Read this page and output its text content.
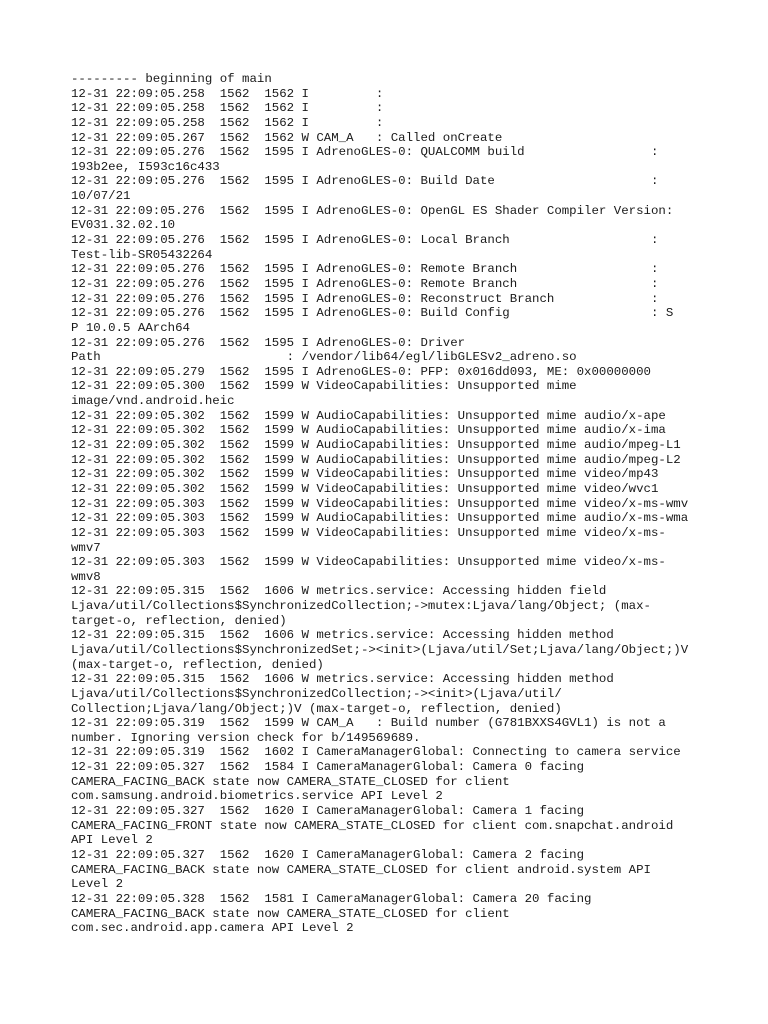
--------- beginning of main
12-31 22:09:05.258  1562  1562 I         :
12-31 22:09:05.258  1562  1562 I         :
12-31 22:09:05.258  1562  1562 I         :
12-31 22:09:05.267  1562  1562 W CAM_A   : Called onCreate
12-31 22:09:05.276  1562  1595 I AdrenoGLES-0: QUALCOMM build                 :
193b2ee, I593c16c433
12-31 22:09:05.276  1562  1595 I AdrenoGLES-0: Build Date                     :
10/07/21
12-31 22:09:05.276  1562  1595 I AdrenoGLES-0: OpenGL ES Shader Compiler Version:
EV031.32.02.10
12-31 22:09:05.276  1562  1595 I AdrenoGLES-0: Local Branch                   :
Test-lib-SR05432264
12-31 22:09:05.276  1562  1595 I AdrenoGLES-0: Remote Branch                  :
12-31 22:09:05.276  1562  1595 I AdrenoGLES-0: Remote Branch                  :
12-31 22:09:05.276  1562  1595 I AdrenoGLES-0: Reconstruct Branch             :
12-31 22:09:05.276  1562  1595 I AdrenoGLES-0: Build Config                   : S
P 10.0.5 AArch64
12-31 22:09:05.276  1562  1595 I AdrenoGLES-0: Driver
Path                         : /vendor/lib64/egl/libGLESv2_adreno.so
12-31 22:09:05.279  1562  1595 I AdrenoGLES-0: PFP: 0x016dd093, ME: 0x00000000
12-31 22:09:05.300  1562  1599 W VideoCapabilities: Unsupported mime
image/vnd.android.heic
12-31 22:09:05.302  1562  1599 W AudioCapabilities: Unsupported mime audio/x-ape
12-31 22:09:05.302  1562  1599 W AudioCapabilities: Unsupported mime audio/x-ima
12-31 22:09:05.302  1562  1599 W AudioCapabilities: Unsupported mime audio/mpeg-L1
12-31 22:09:05.302  1562  1599 W AudioCapabilities: Unsupported mime audio/mpeg-L2
12-31 22:09:05.302  1562  1599 W VideoCapabilities: Unsupported mime video/mp43
12-31 22:09:05.302  1562  1599 W VideoCapabilities: Unsupported mime video/wvc1
12-31 22:09:05.303  1562  1599 W VideoCapabilities: Unsupported mime video/x-ms-wmv
12-31 22:09:05.303  1562  1599 W AudioCapabilities: Unsupported mime audio/x-ms-wma
12-31 22:09:05.303  1562  1599 W VideoCapabilities: Unsupported mime video/x-ms-
wmv7
12-31 22:09:05.303  1562  1599 W VideoCapabilities: Unsupported mime video/x-ms-
wmv8
12-31 22:09:05.315  1562  1606 W metrics.service: Accessing hidden field
Ljava/util/Collections$SynchronizedCollection;->mutex:Ljava/lang/Object; (max-
target-o, reflection, denied)
12-31 22:09:05.315  1562  1606 W metrics.service: Accessing hidden method
Ljava/util/Collections$SynchronizedSet;-><init>(Ljava/util/Set;Ljava/lang/Object;)V
(max-target-o, reflection, denied)
12-31 22:09:05.315  1562  1606 W metrics.service: Accessing hidden method
Ljava/util/Collections$SynchronizedCollection;-><init>(Ljava/util/
Collection;Ljava/lang/Object;)V (max-target-o, reflection, denied)
12-31 22:09:05.319  1562  1599 W CAM_A   : Build number (G781BXXS4GVL1) is not a
number. Ignoring version check for b/149569689.
12-31 22:09:05.319  1562  1602 I CameraManagerGlobal: Connecting to camera service
12-31 22:09:05.327  1562  1584 I CameraManagerGlobal: Camera 0 facing
CAMERA_FACING_BACK state now CAMERA_STATE_CLOSED for client
com.samsung.android.biometrics.service API Level 2
12-31 22:09:05.327  1562  1620 I CameraManagerGlobal: Camera 1 facing
CAMERA_FACING_FRONT state now CAMERA_STATE_CLOSED for client com.snapchat.android
API Level 2
12-31 22:09:05.327  1562  1620 I CameraManagerGlobal: Camera 2 facing
CAMERA_FACING_BACK state now CAMERA_STATE_CLOSED for client android.system API
Level 2
12-31 22:09:05.328  1562  1581 I CameraManagerGlobal: Camera 20 facing
CAMERA_FACING_BACK state now CAMERA_STATE_CLOSED for client
com.sec.android.app.camera API Level 2
